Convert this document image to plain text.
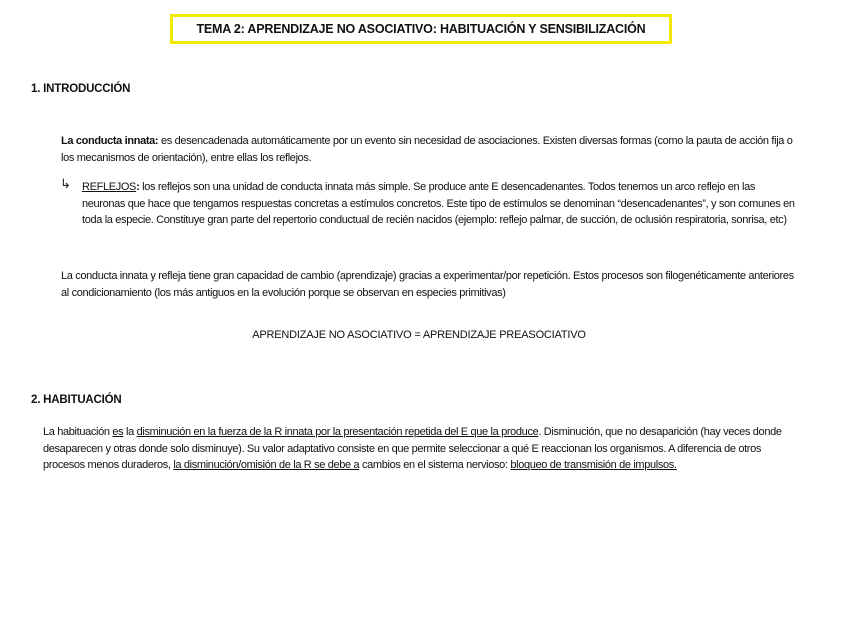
TEMA 2: APRENDIZAJE NO ASOCIATIVO: HABITUACIÓN Y SENSIBILIZACIÓN
1. INTRODUCCIÓN
La conducta innata: es desencadenada automáticamente por un evento sin necesidad de asociaciones. Existen diversas formas (como la pauta de acción fija o los mecanismos de orientación), entre ellas los reflejos.
↳ REFLEJOS: los reflejos son una unidad de conducta innata más simple. Se produce ante E desencadenantes. Todos tenemos un arco reflejo en las neuronas que hace que tengamos respuestas concretas a estímulos concretos. Este tipo de estímulos se denominan “desencadenantes”, y son comunes en toda la especie. Constituye gran parte del repertorio conductual de recién nacidos (ejemplo: reflejo palmar, de succión, de oclusión respiratoria, sonrisa, etc)
La conducta innata y refleja tiene gran capacidad de cambio (aprendizaje) gracias a experimentar/por repetición. Estos procesos son filogenéticamente anteriores al condicionamiento (los más antiguos en la evolución porque se observan en especies primitivas)
APRENDIZAJE NO ASOCIATIVO = APRENDIZAJE PREASOCIATIVO
2. HABITUACIÓN
La habituación es la disminución en la fuerza de la R innata por la presentación repetida del E que la produce. Disminución, que no desaparición (hay veces donde desaparecen y otras donde solo disminuye). Su valor adaptativo consiste en que permite seleccionar a qué E reaccionan los organismos. A diferencia de otros procesos menos duraderos, la disminución/omisión de la R se debe a cambios en el sistema nervioso: bloqueo de transmisión de impulsos.
